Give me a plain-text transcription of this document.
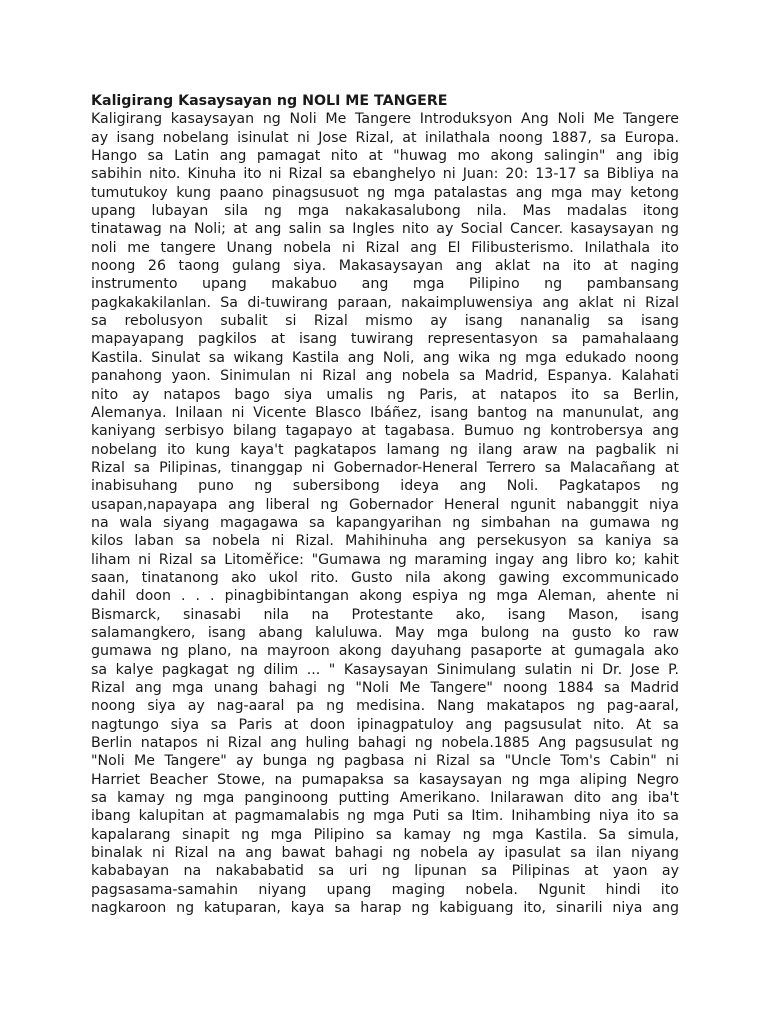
Kaligirang Kasaysayan ng NOLI ME TANGERE
Kaligirang kasaysayan ng Noli Me Tangere Introduksyon Ang Noli Me Tangere
ay isang nobelang isinulat ni Jose Rizal, at inilathala noong 1887, sa Europa.
Hango sa Latin ang pamagat nito at "huwag mo akong salingin" ang ibig
sabihin nito. Kinuha ito ni Rizal sa ebanghelyo ni Juan: 20: 13-17 sa Bibliya na
tumutukoy kung paano pinagsusuot ng mga patalastas ang mga may ketong
upang lubayan sila ng mga nakakasalubong nila. Mas madalas itong
tinatawag na Noli; at ang salin sa Ingles nito ay Social Cancer. kasaysayan ng
noli me tangere Unang nobela ni Rizal ang El Filibusterismo. Inilathala ito
noong 26 taong gulang siya. Makasaysayan ang aklat na ito at naging
instrumento upang makabuo ang mga Pilipino ng pambansang
pagkakakilanlan. Sa di-tuwirang paraan, nakaimpluwensiya ang aklat ni Rizal
sa rebolusyon subalit si Rizal mismo ay isang nananalig sa isang
mapayapang pagkilos at isang tuwirang representasyon sa pamahalaang
Kastila. Sinulat sa wikang Kastila ang Noli, ang wika ng mga edukado noong
panahong yaon. Sinimulan ni Rizal ang nobela sa Madrid, Espanya. Kalahati
nito ay natapos bago siya umalis ng Paris, at natapos ito sa Berlin,
Alemanya. Inilaan ni Vicente Blasco Ibáñez, isang bantog na manunulat, ang
kaniyang serbisyo bilang tagapayo at tagabasa. Bumuo ng kontrobersya ang
nobelang ito kung kaya't pagkatapos lamang ng ilang araw na pagbalik ni
Rizal sa Pilipinas, tinanggap ni Gobernador-Heneral Terrero sa Malacañang at
inabisuhang puno ng subersibong ideya ang Noli. Pagkatapos ng
usapan,napayapa ang liberal ng Gobernador Heneral ngunit nabanggit niya
na wala siyang magagawa sa kapangyarihan ng simbahan na gumawa ng
kilos laban sa nobela ni Rizal. Mahihinuha ang persekusyon sa kaniya sa
liham ni Rizal sa Litoměřice: "Gumawa ng maraming ingay ang libro ko; kahit
saan, tinatanong ako ukol rito. Gusto nila akong gawing excommunicado
dahil doon . . . pinagbibintangan akong espiya ng mga Aleman, ahente ni
Bismarck, sinasabi nila na Protestante ako, isang Mason, isang
salamangkero, isang abang kaluluwa. May mga bulong na gusto ko raw
gumawa ng plano, na mayroon akong dayuhang pasaporte at gumagala ako
sa kalye pagkagat ng dilim ... " Kasaysayan Sinimulang sulatin ni Dr. Jose P.
Rizal ang mga unang bahagi ng "Noli Me Tangere" noong 1884 sa Madrid
noong siya ay nag-aaral pa ng medisina. Nang makatapos ng pag-aaral,
nagtungo siya sa Paris at doon ipinagpatuloy ang pagsusulat nito. At sa
Berlin natapos ni Rizal ang huling bahagi ng nobela.1885 Ang pagsusulat ng
"Noli Me Tangere" ay bunga ng pagbasa ni Rizal sa "Uncle Tom's Cabin" ni
Harriet Beacher Stowe, na pumapaksa sa kasaysayan ng mga aliping Negro
sa kamay ng mga panginoong putting Amerikano. Inilarawan dito ang iba't
ibang kalupitan at pagmamalabis ng mga Puti sa Itim. Inihambing niya ito sa
kapalarang sinapit ng mga Pilipino sa kamay ng mga Kastila. Sa simula,
binalak ni Rizal na ang bawat bahagi ng nobela ay ipasulat sa ilan niyang
kababayan na nakababatid sa uri ng lipunan sa Pilipinas at yaon ay
pagsasama-samahin niyang upang maging nobela. Ngunit hindi ito
nagkaroon ng katuparan, kaya sa harap ng kabiguang ito, sinarili niya ang
